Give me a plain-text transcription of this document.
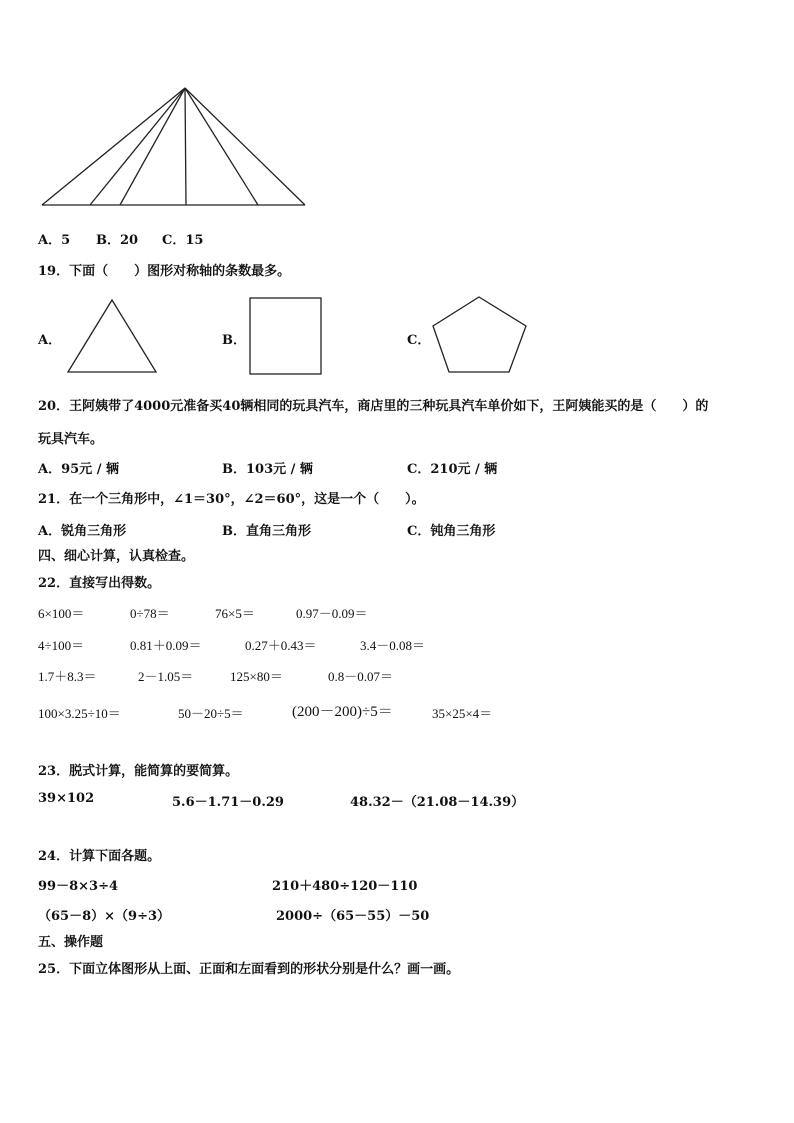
A．5 B．20 C．15
19．下面（　　）图形对称轴的条数最多。
A．	B．	C．
20．王阿姨带了4000元准备买40辆相同的玩具汽车，商店里的三种玩具汽车单价如下，王阿姨能买的是（　　）的
玩具汽车。
A．95元 / 辆	B．103元 / 辆	C．210元 / 辆
21．在一个三角形中，∠1＝30°，∠2＝60°，这是一个（　　）。
A．锐角三角形	B．直角三角形	C．钝角三角形
四、细心计算，认真检查。
22．直接写出得数。
6×100＝	0÷78＝	76×5＝	0.97－0.09＝
4÷100＝	0.81＋0.09＝	0.27＋0.43＝	3.4－0.08＝
1.7＋8.3＝	2－1.05＝	125×80＝	0.8－0.07＝
100×3.25÷10＝	50－20÷5＝	(200－200)÷5＝	35×25×4＝
23．脱式计算，能简算的要简算。
39×102	5.6－1.71－0.29	48.32－（21.08－14.39）
24．计算下面各题。
99－8×3÷4	210＋480÷120－110
（65－8）×（9÷3）	2000÷（65－55）－50
五、操作题
25．下面立体图形从上面、正面和左面看到的形状分别是什么？画一画。
